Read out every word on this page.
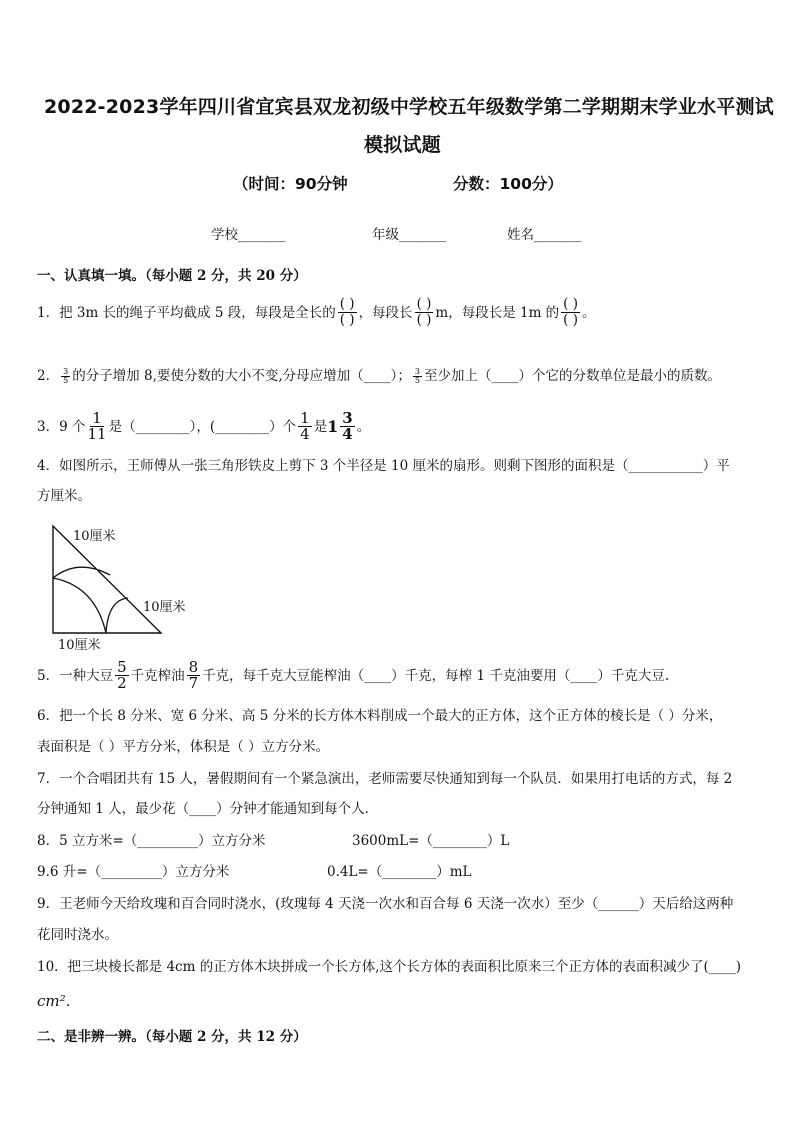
2022-2023学年四川省宜宾县双龙初级中学校五年级数学第二学期期末学业水平测试
模拟试题
（时间：90分钟	分数：100分）
学校_______	年级_______	姓名_______
一、认真填一填。（每小题 2 分，共 20 分）
1．把 3m 长的绳子平均截成 5 段，每段是全长的 $\frac{( )}{( )}$ ，每段长 $\frac{( )}{( )}$ m，每段长是 1m 的 $\frac{( )}{( )}$ 。
2． $\frac{3}{5}$ 的分子增加 8,要使分数的大小不变,分母应增加（____）； $\frac{3}{5}$ 至少加上（____）个它的分数单位是最小的质数。
3．9 个 $\frac{1}{11}$ 是（________），(________）个 $\frac{1}{4}$ 是 $1 \frac{3}{4}$ 。
4．如图所示，王师傅从一张三角形铁皮上剪下 3 个半径是 10 厘米的扇形。则剩下图形的面积是（___________）平
方厘米。
10厘米
10厘米
10厘米
5．一种大豆 $\frac{5}{2}$ 千克榨油 $\frac{8}{7}$ 千克，每千克大豆能榨油（____）千克，每榨 1 千克油要用（____）千克大豆.
6．把一个长 8 分米、宽 6 分米、高 5 分米的长方体木料削成一个最大的正方体，这个正方体的棱长是（ ）分米，
表面积是（ ）平方分米，体积是（ ）立方分米。
7．一个合唱团共有 15 人，暑假期间有一个紧急演出，老师需要尽快通知到每一个队员．如果用打电话的方式，每 2
分钟通知 1 人，最少花（____）分钟才能通知到每个人．
8．5 立方米=（_________）立方分米	3600mL=（________）L
9.6 升=（_________）立方分米	0.4L=（________）mL
9．王老师今天给玫瑰和百合同时浇水，(玫瑰每 4 天浇一次水和百合每 6 天浇一次水）至少（______）天后给这两种
花同时浇水。
10．把三块棱长都是 4cm 的正方体木块拼成一个长方体,这个长方体的表面积比原来三个正方体的表面积减少了(____)
cm²．
二、是非辨一辨。（每小题 2 分，共 12 分）
